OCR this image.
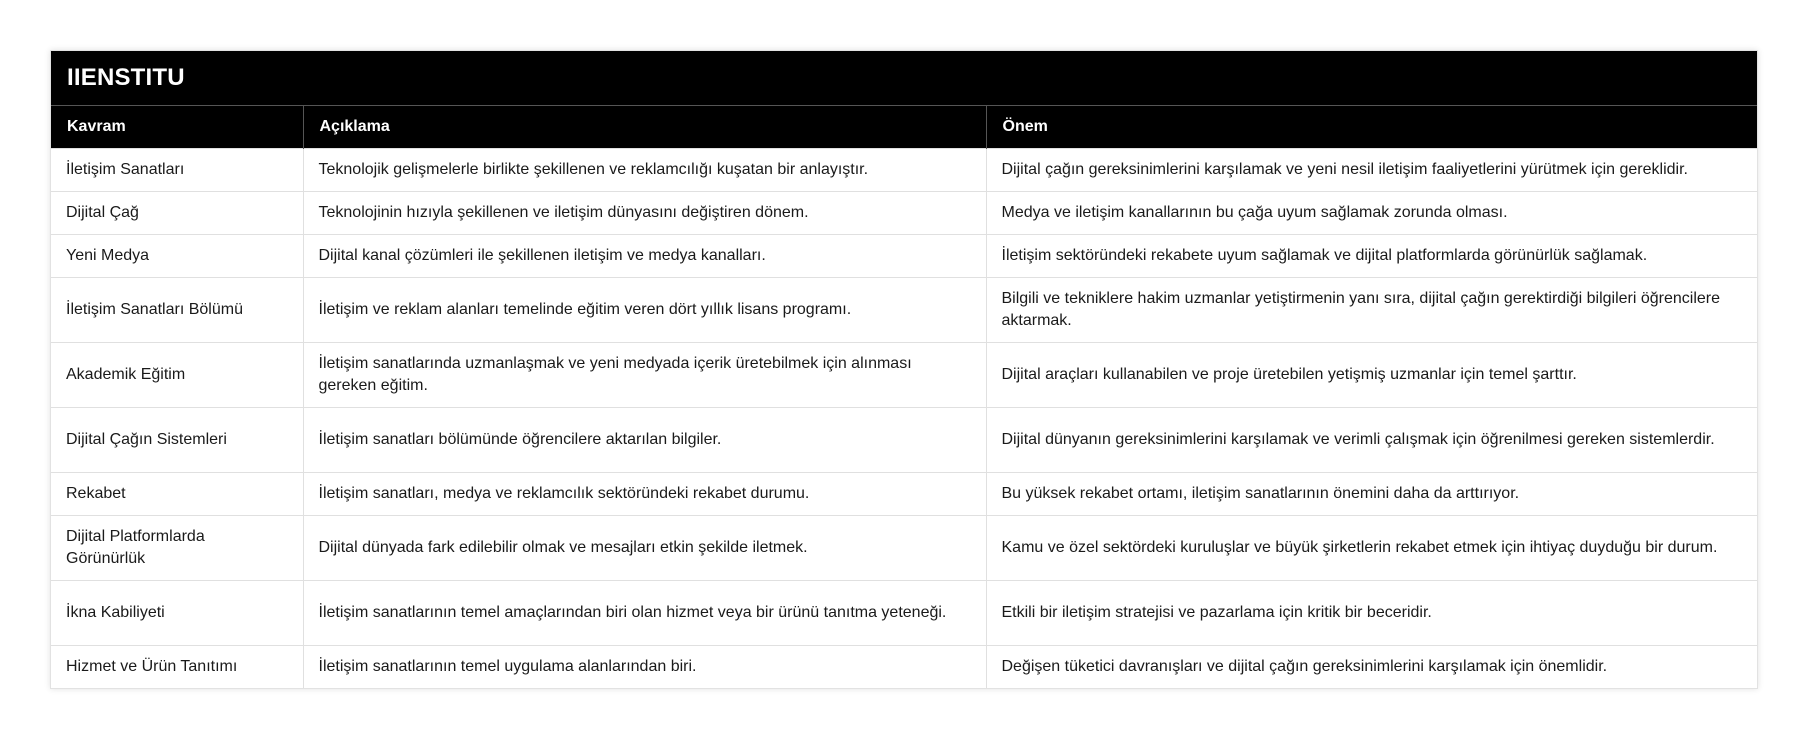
IIENSTITU
Kavram	Açıklama	Önem
İletişim Sanatları	Teknolojik gelişmelerle birlikte şekillenen ve reklamcılığı kuşatan bir anlayıştır.	Dijital çağın gereksinimlerini karşılamak ve yeni nesil iletişim faaliyetlerini yürütmek için gereklidir.
Dijital Çağ	Teknolojinin hızıyla şekillenen ve iletişim dünyasını değiştiren dönem.	Medya ve iletişim kanallarının bu çağa uyum sağlamak zorunda olması.
Yeni Medya	Dijital kanal çözümleri ile şekillenen iletişim ve medya kanalları.	İletişim sektöründeki rekabete uyum sağlamak ve dijital platformlarda görünürlük sağlamak.
İletişim Sanatları Bölümü	İletişim ve reklam alanları temelinde eğitim veren dört yıllık lisans programı.	Bilgili ve tekniklere hakim uzmanlar yetiştirmenin yanı sıra, dijital çağın gerektirdiği bilgileri öğrencilere aktarmak.
Akademik Eğitim	İletişim sanatlarında uzmanlaşmak ve yeni medyada içerik üretebilmek için alınması gereken eğitim.	Dijital araçları kullanabilen ve proje üretebilen yetişmiş uzmanlar için temel şarttır.
Dijital Çağın Sistemleri	İletişim sanatları bölümünde öğrencilere aktarılan bilgiler.	Dijital dünyanın gereksinimlerini karşılamak ve verimli çalışmak için öğrenilmesi gereken sistemlerdir.
Rekabet	İletişim sanatları, medya ve reklamcılık sektöründeki rekabet durumu.	Bu yüksek rekabet ortamı, iletişim sanatlarının önemini daha da arttırıyor.
Dijital Platformlarda Görünürlük	Dijital dünyada fark edilebilir olmak ve mesajları etkin şekilde iletmek.	Kamu ve özel sektördeki kuruluşlar ve büyük şirketlerin rekabet etmek için ihtiyaç duyduğu bir durum.
İkna Kabiliyeti	İletişim sanatlarının temel amaçlarından biri olan hizmet veya bir ürünü tanıtma yeteneği.	Etkili bir iletişim stratejisi ve pazarlama için kritik bir beceridir.
Hizmet ve Ürün Tanıtımı	İletişim sanatlarının temel uygulama alanlarından biri.	Değişen tüketici davranışları ve dijital çağın gereksinimlerini karşılamak için önemlidir.
